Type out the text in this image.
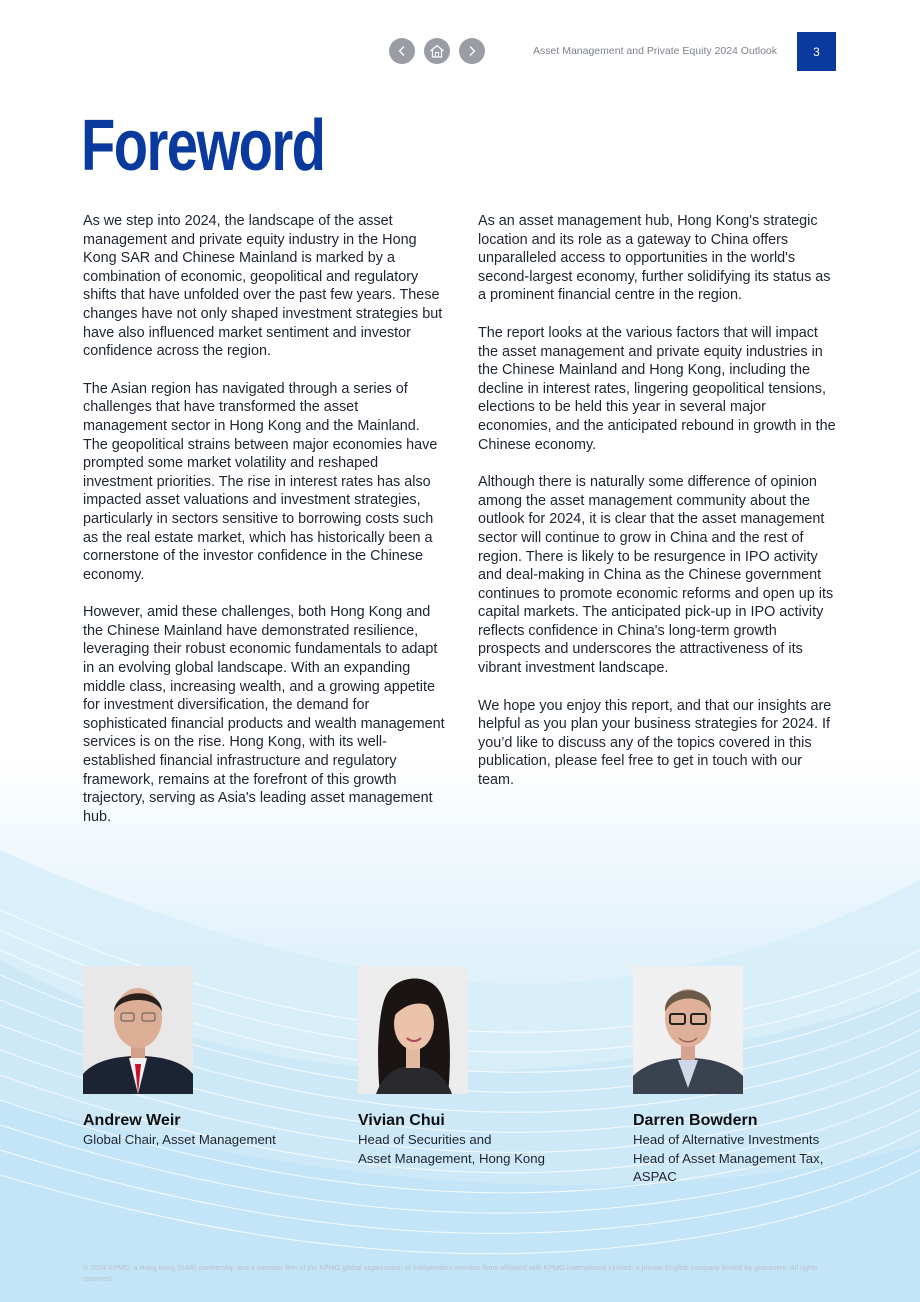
Asset Management and Private Equity 2024 Outlook	3
Foreword

As we step into 2024, the landscape of the asset management and private equity industry in the Hong Kong SAR and Chinese Mainland is marked by a combination of economic, geopolitical and regulatory shifts that have unfolded over the past few years. These changes have not only shaped investment strategies but have also influenced market sentiment and investor confidence across the region.

The Asian region has navigated through a series of challenges that have transformed the asset management sector in Hong Kong and the Mainland. The geopolitical strains between major economies have prompted some market volatility and reshaped investment priorities. The rise in interest rates has also impacted asset valuations and investment strategies, particularly in sectors sensitive to borrowing costs such as the real estate market, which has historically been a cornerstone of the investor confidence in the Chinese economy.

However, amid these challenges, both Hong Kong and the Chinese Mainland have demonstrated resilience, leveraging their robust economic fundamentals to adapt in an evolving global landscape. With an expanding middle class, increasing wealth, and a growing appetite for investment diversification, the demand for sophisticated financial products and wealth management services is on the rise. Hong Kong, with its well-established financial infrastructure and regulatory framework, remains at the forefront of this growth trajectory, serving as Asia's leading asset management hub.

As an asset management hub, Hong Kong's strategic location and its role as a gateway to China offers unparalleled access to opportunities in the world's second-largest economy, further solidifying its status as a prominent financial centre in the region.

The report looks at the various factors that will impact the asset management and private equity industries in the Chinese Mainland and Hong Kong, including the decline in interest rates, lingering geopolitical tensions, elections to be held this year in several major economies, and the anticipated rebound in growth in the Chinese economy.

Although there is naturally some difference of opinion among the asset management community about the outlook for 2024, it is clear that the asset management sector will continue to grow in China and the rest of region. There is likely to be resurgence in IPO activity and deal-making in China as the Chinese government continues to promote economic reforms and open up its capital markets. The anticipated pick-up in IPO activity reflects confidence in China's long-term growth prospects and underscores the attractiveness of its vibrant investment landscape.

We hope you enjoy this report, and that our insights are helpful as you plan your business strategies for 2024. If you’d like to discuss any of the topics covered in this publication, please feel free to get in touch with our team.

Andrew Weir
Global Chair, Asset Management
Vivian Chui
Head of Securities and
Asset Management, Hong Kong
Darren Bowdern
Head of Alternative Investments
Head of Asset Management Tax,
ASPAC
© 2024 KPMG, a Hong Kong (SAR) partnership and a member firm of the KPMG global organisation of independent member firms affiliated with KPMG International Limited, a private English company limited by guarantee. All rights reserved.
